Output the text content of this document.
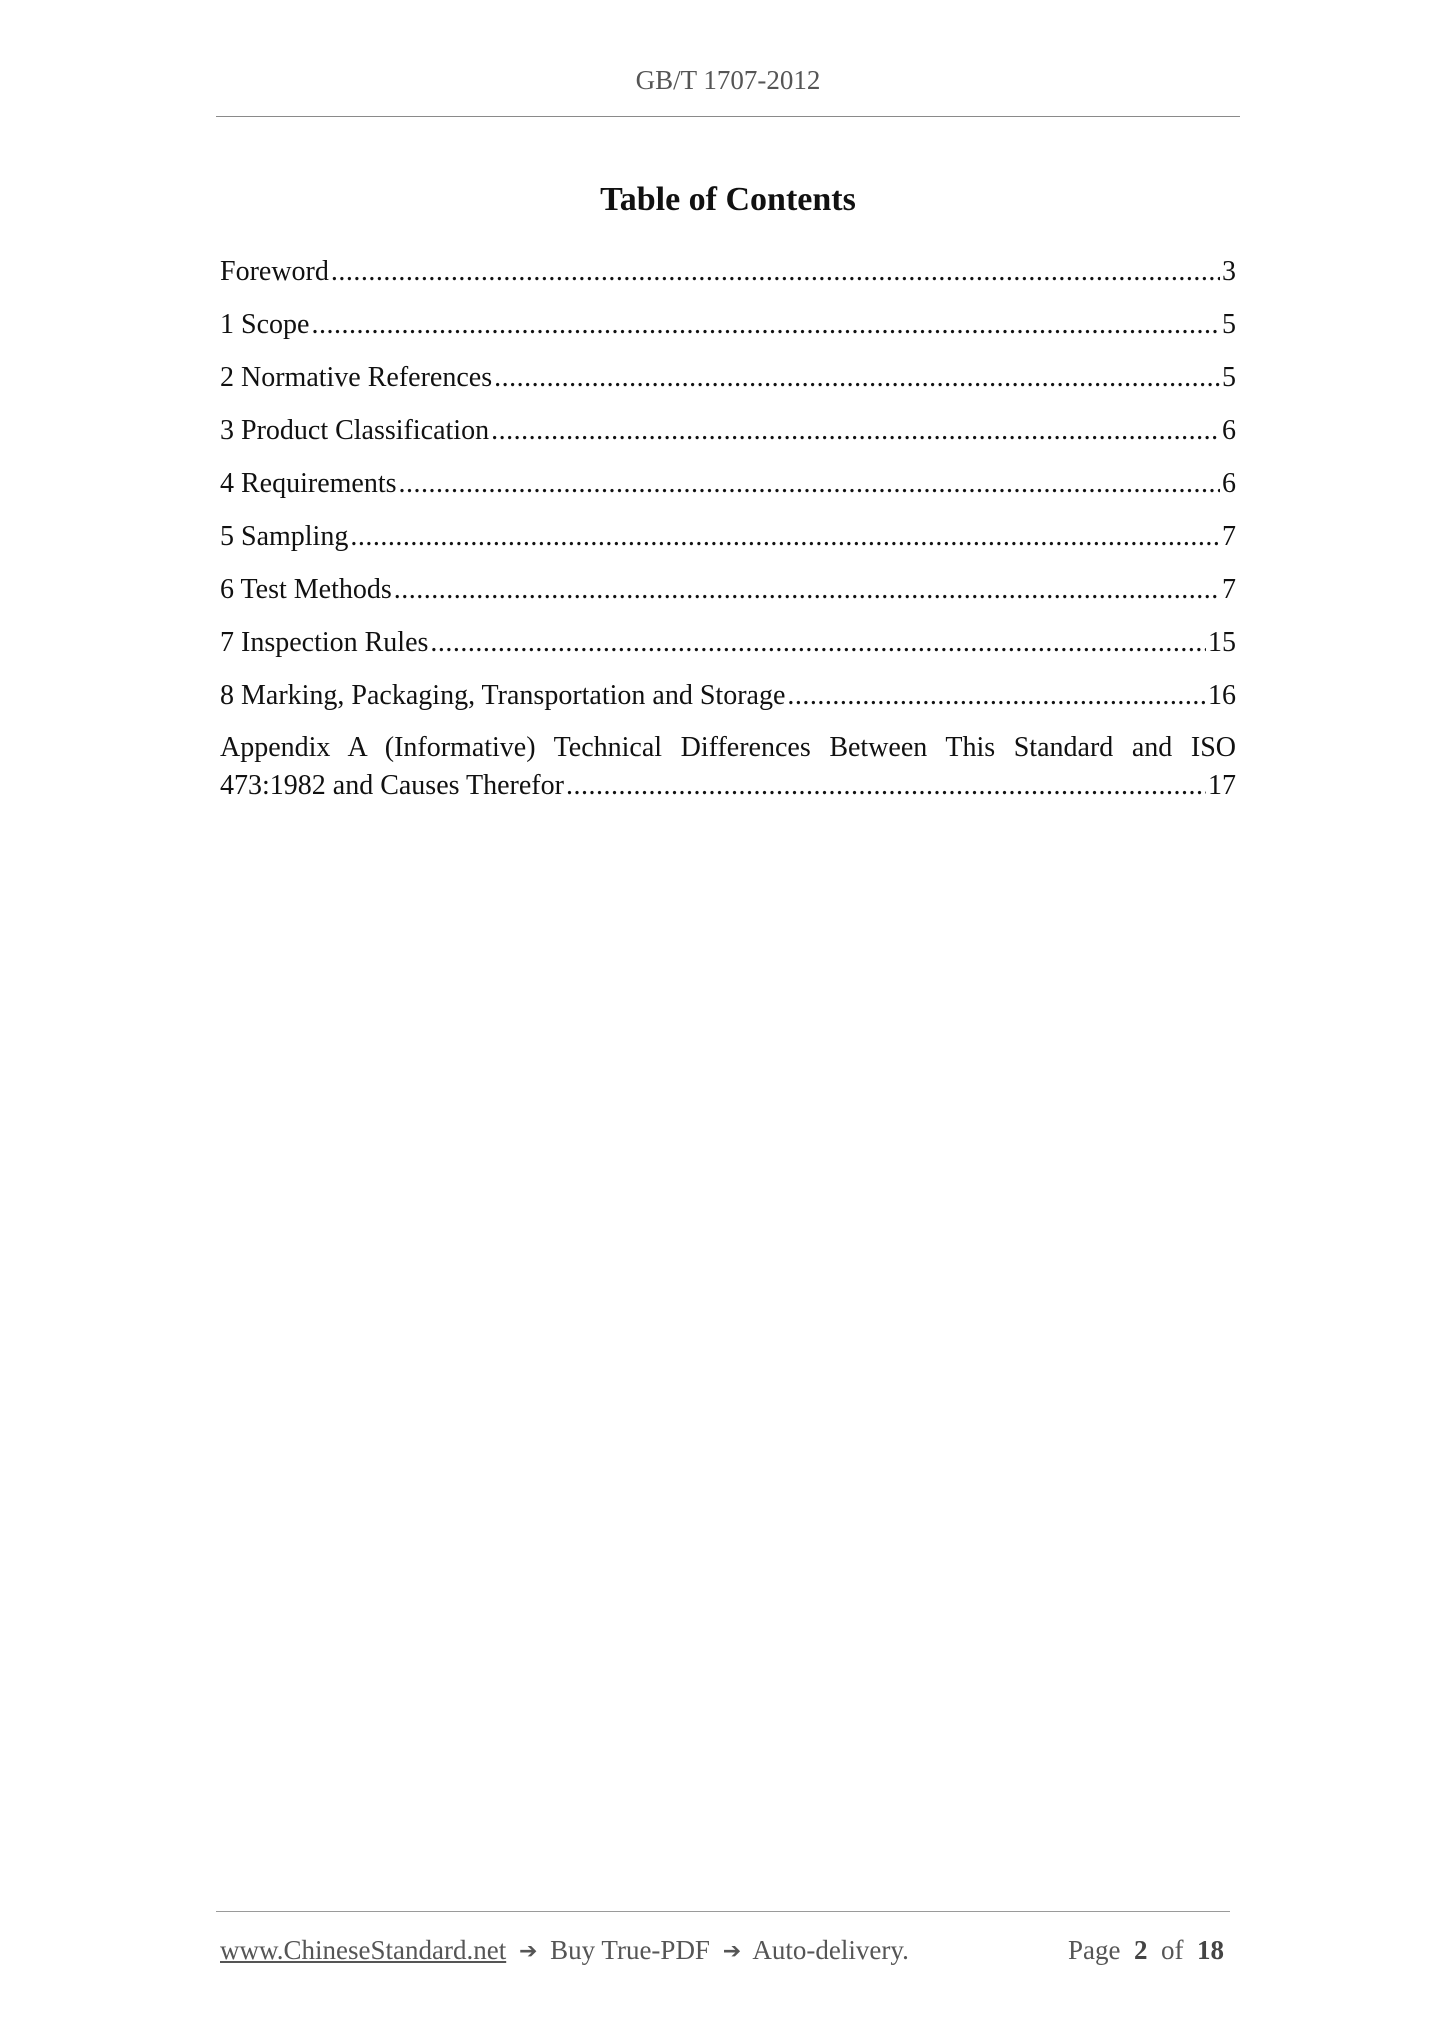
GB/T 1707-2012
Table of Contents
Foreword .....	3
1 Scope .....	5
2 Normative References .....	5
3 Product Classification .....	6
4 Requirements .....	6
5 Sampling .....	7
6 Test Methods .....	7
7 Inspection Rules .....	15
8 Marking, Packaging, Transportation and Storage .....	16
Appendix A (Informative) Technical Differences Between This Standard and ISO
473:1982 and Causes Therefor .....	17
www.ChineseStandard.net ➔ Buy True-PDF ➔ Auto-delivery.	Page 2 of 18
